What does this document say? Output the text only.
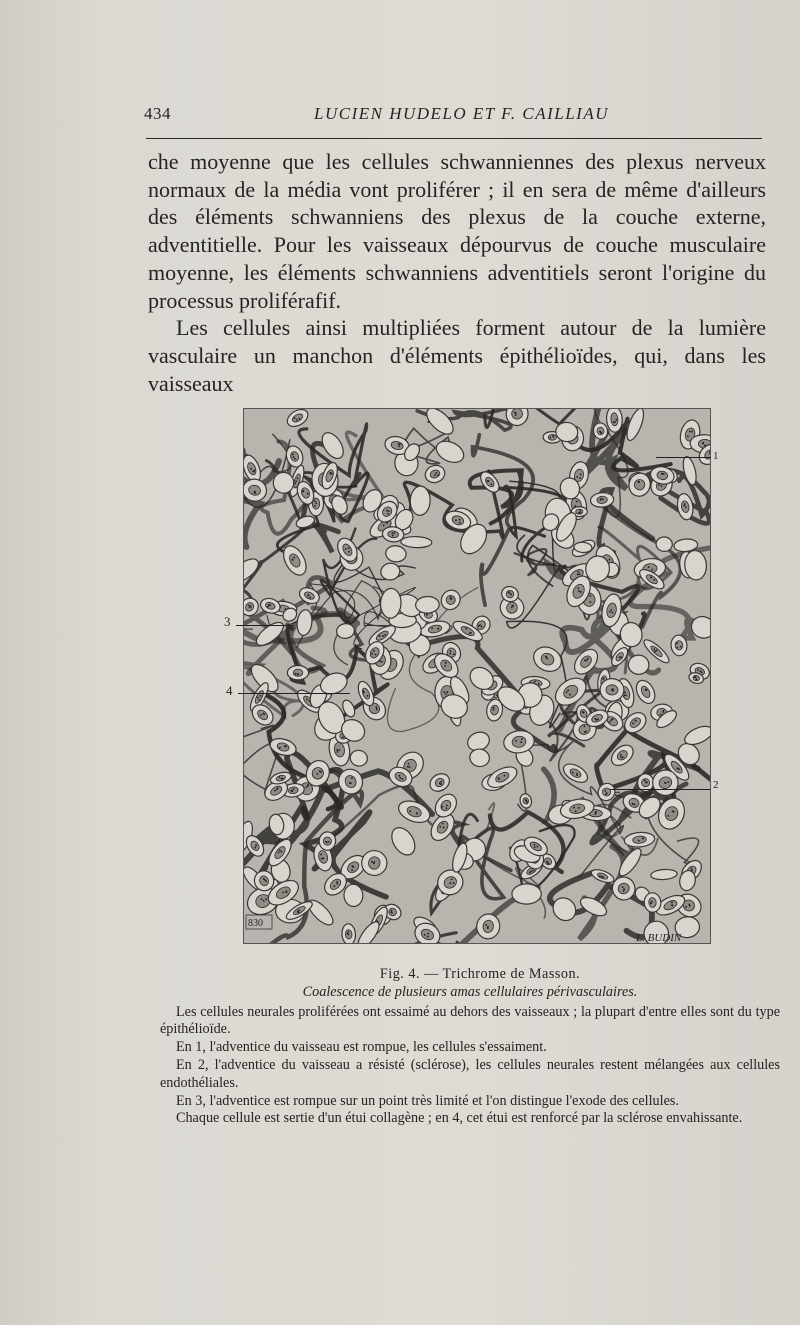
434	LUCIEN HUDELO ET F. CAILLIAU

che moyenne que les cellules schwanniennes des plexus nerveux normaux de la média vont proliférer ; il en sera de même d'ailleurs des éléments schwanniens des plexus de la couche externe, adventitielle. Pour les vaisseaux dépourvus de couche musculaire moyenne, les éléments schwanniens adventitiels seront l'origine du processus proliférafif.

Les cellules ainsi multipliées forment autour de la lumière vasculaire un manchon d'éléments épithélioïdes, qui, dans les vaisseaux

830
L. BUDIN
1
2
3
4

Fig. 4. — Trichrome de Masson.

Coalescence de plusieurs amas cellulaires périvasculaires.

Les cellules neurales proliférées ont essaimé au dehors des vaisseaux ; la plupart d'entre elles sont du type épithélioïde.

En 1, l'adventice du vaisseau est rompue, les cellules s'essaiment.

En 2, l'adventice du vaisseau a résisté (sclérose), les cellules neurales restent mélangées aux cellules endothéliales.

En 3, l'adventice est rompue sur un point très limité et l'on distingue l'exode des cellules.

Chaque cellule est sertie d'un étui collagène ; en 4, cet étui est renforcé par la sclérose envahissante.
